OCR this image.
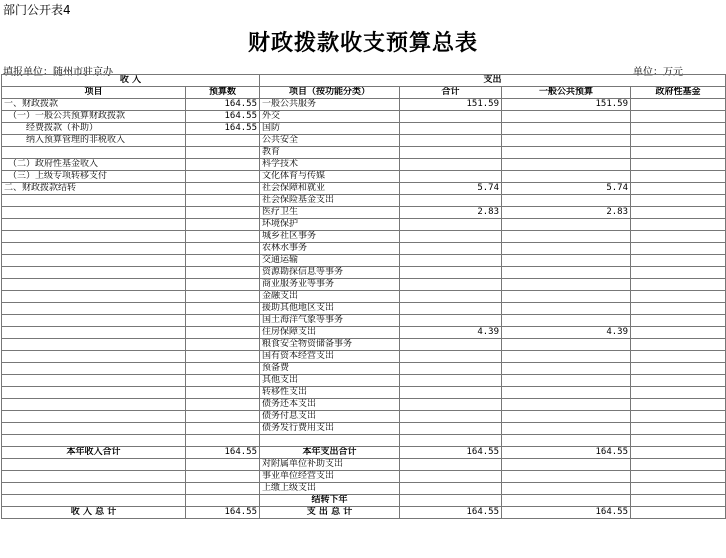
部门公开表4
财政拨款收支预算总表
填报单位：随州市驻京办	单位：万元
收 入		支出			
项目	预算数	项目（按功能分类）	合计	一般公共预算	政府性基金
一、财政拨款	164.55	一般公共服务	151.59	151.59	
（一）一般公共预算财政拨款	164.55	外交			
经费拨款（补助）	164.55	国防			
纳入预算管理的非税收入		公共安全			
		教育			
（二）政府性基金收入		科学技术			
（三）上级专项转移支付		文化体育与传媒			
二、财政拨款结转		社会保障和就业	5.74	5.74	
		社会保险基金支出			
		医疗卫生	2.83	2.83	
		环境保护			
		城乡社区事务			
		农林水事务			
		交通运输			
		资源勘探信息等事务			
		商业服务业等事务			
		金融支出			
		援助其他地区支出			
		国土海洋气象等事务			
		住房保障支出	4.39	4.39	
		粮食安全物资储备事务			
		国有资本经营支出			
		预备费			
		其他支出			
		转移性支出			
		债务还本支出			
		债务付息支出			
		债务发行费用支出			

本年收入合计	164.55	本年支出合计	164.55	164.55	
		对附属单位补助支出			
		事业单位经营支出			
		上缴上级支出			
		结转下年			
收 入 总 计	164.55	支 出 总 计	164.55	164.55	
